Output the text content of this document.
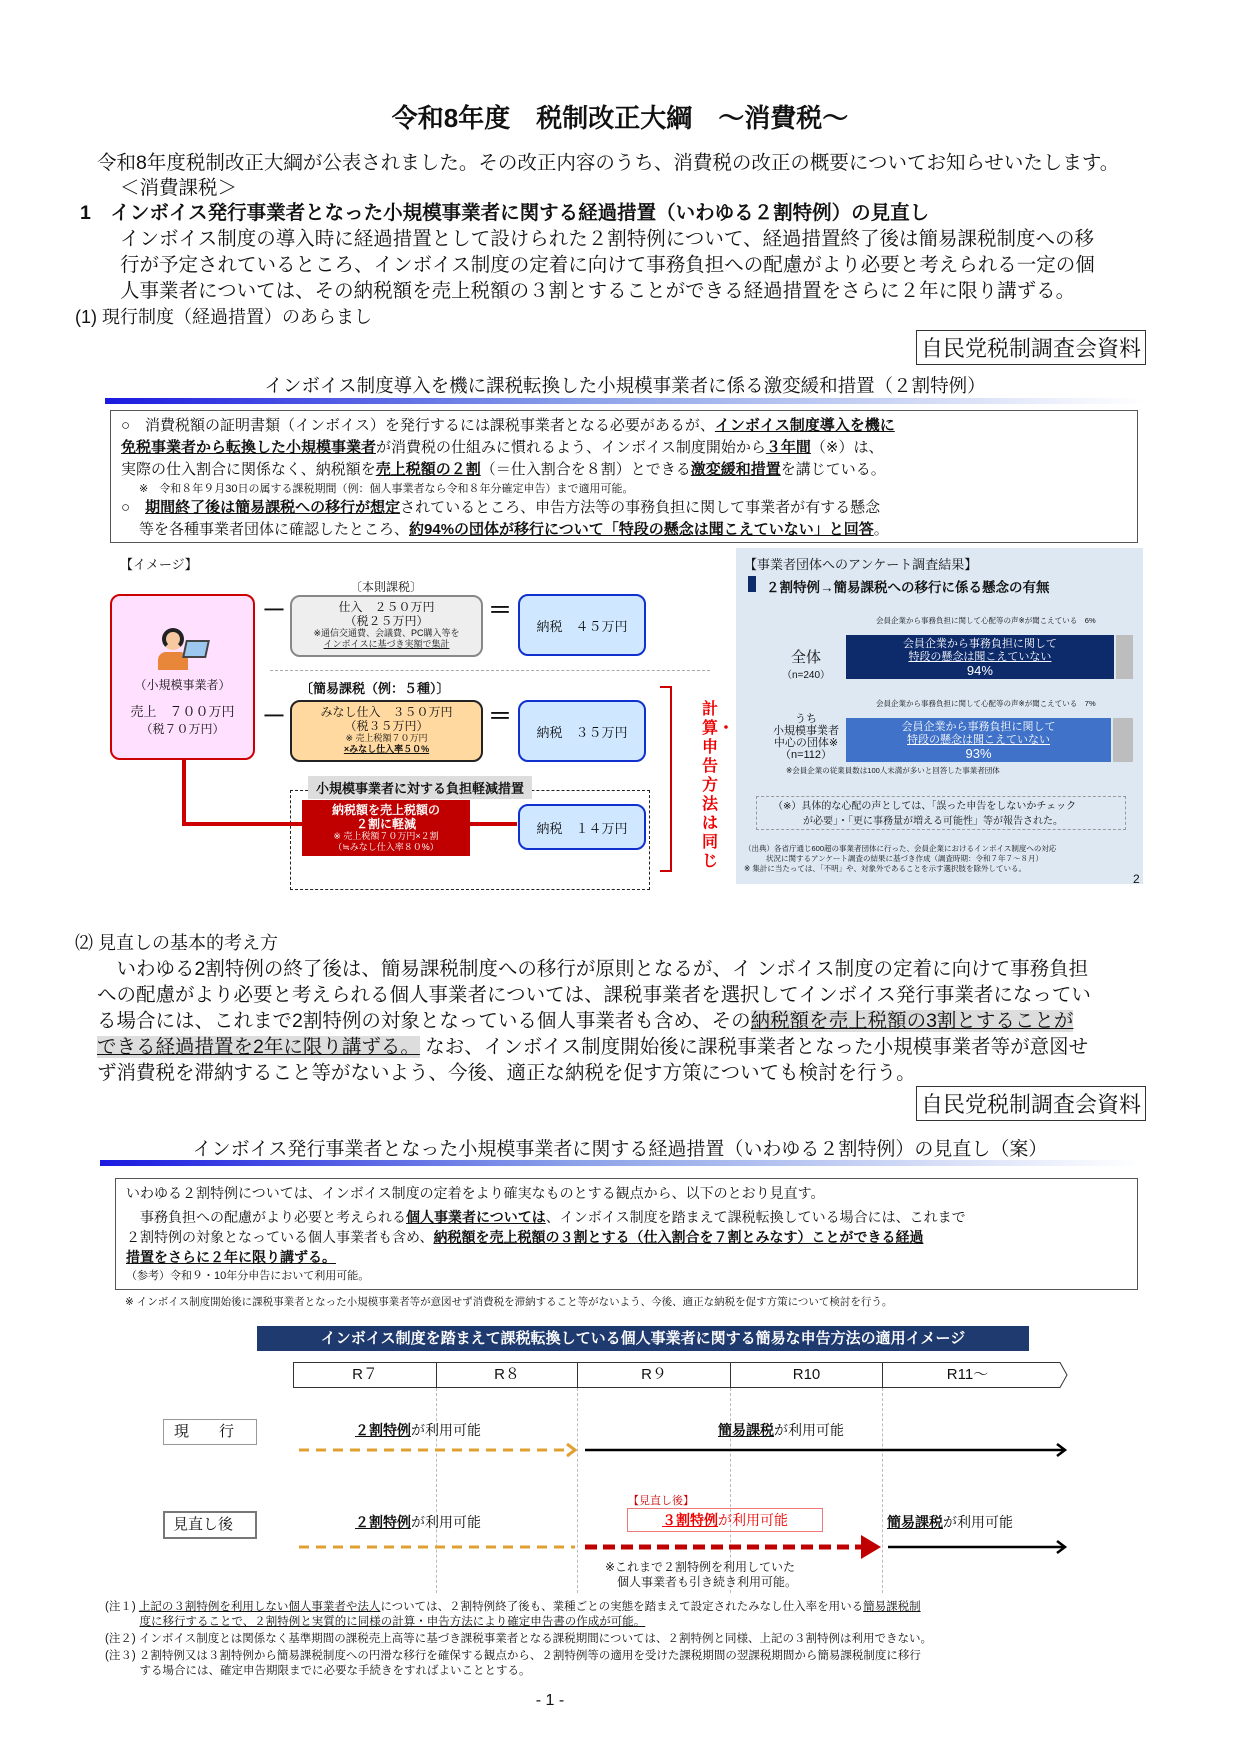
令和8年度　税制改正大綱　～消費税～
令和8年度税制改正大綱が公表されました。その改正内容のうち、消費税の改正の概要についてお知らせいたします。
＜消費課税＞
1　インボイス発行事業者となった小規模事業者に関する経過措置（いわゆる２割特例）の見直し
インボイス制度の導入時に経過措置として設けられた２割特例について、経過措置終了後は簡易課税制度への移
行が予定されているところ、インボイス制度の定着に向けて事務負担への配慮がより必要と考えられる一定の個
人事業者については、その納税額を売上税額の３割とすることができる経過措置をさらに２年に限り講ずる。
(1) 現行制度（経過措置）のあらまし
自民党税制調査会資料
インボイス制度導入を機に課税転換した小規模事業者に係る激変緩和措置（２割特例）
○　消費税額の証明書類（インボイス）を発行するには課税事業者となる必要があるが、インボイス制度導入を機に
免税事業者から転換した小規模事業者が消費税の仕組みに慣れるよう、インボイス制度開始から３年間（※）は、
実際の仕入割合に関係なく、納税額を売上税額の２割（＝仕入割合を８割）とできる激変緩和措置を講じている。
※　令和８年９月30日の属する課税期間（例：個人事業者なら令和８年分確定申告）まで適用可能。
○　期間終了後は簡易課税への移行が想定されているところ、申告方法等の事務負担に関して事業者が有する懸念
等を各種事業者団体に確認したところ、約94%の団体が移行について「特段の懸念は聞こえていない」と回答。
【イメージ】
（小規模事業者）
売上　７００万円
（税７０万円）
－
〔本則課税〕
仕入　２５０万円
（税２５万円）
※通信交通費、会議費、PC購入等を
インボイスに基づき実額で集計
＝
納税　４５万円
〔簡易課税（例：５種）〕
－	みなし仕入　３５０万円
（税３５万円）
※ 売上税額７０万円
×みなし仕入率５０%
＝
納税　３５万円
小規模事業者に対する負担軽減措置
納税額を売上税額の
２割に軽減
※ 売上税額７０万円×２割
（≒みなし仕入率８０%）
納税　１４万円
計算・申告方法は同じ
【事業者団体へのアンケート調査結果】
２割特例→簡易課税への移行に係る懸念の有無
会員企業から事務負担に関して心配等の声※が聞こえている　6%
全体
（n=240）
会員企業から事務負担に関して
特段の懸念は聞こえていない
94%
会員企業から事務負担に関して心配等の声※が聞こえている　7%
うち
小規模事業者
中心の団体※
（n=112）
会員企業から事務負担に関して
特段の懸念は聞こえていない
93%
※会員企業の従業員数は100人未満が多いと回答した事業者団体
（※）具体的な心配の声としては、「誤った申告をしないかチェック
が必要」・「更に事務量が増える可能性」等が報告された。
（出典）各省庁通じ600超の事業者団体に行った、会員企業におけるインボイス制度への対応
状況に関するアンケート調査の結果に基づき作成（調査時期：令和７年７～８月）
※ 集計に当たっては、「不明」や、対象外であることを示す選択肢を除外している。
2
⑵ 見直しの基本的考え方
　いわゆる2割特例の終了後は、簡易課税制度への移行が原則となるが、イ ンボイス制度の定着に向けて事務負担
への配慮がより必要と考えられる個人事業者については、課税事業者を選択してインボイス発行事業者になってい
る場合には、これまで2割特例の対象となっている個人事業者も含め、その納税額を売上税額の3割とすることが
できる経過措置を2年に限り講ずる。 なお、インボイス制度開始後に課税事業者となった小規模事業者等が意図せ
ず消費税を滞納すること等がないよう、今後、適正な納税を促す方策についても検討を行う。
自民党税制調査会資料
インボイス発行事業者となった小規模事業者に関する経過措置（いわゆる２割特例）の見直し（案）
いわゆる２割特例については、インボイス制度の定着をより確実なものとする観点から、以下のとおり見直す。
　事務負担への配慮がより必要と考えられる個人事業者については、インボイス制度を踏まえて課税転換している場合には、これまで
２割特例の対象となっている個人事業者も含め、納税額を売上税額の３割とする（仕入割合を７割とみなす）ことができる経過
措置をさらに２年に限り講ずる。
（参考）令和９・10年分申告において利用可能。
※ インボイス制度開始後に課税事業者となった小規模事業者等が意図せず消費税を滞納すること等がないよう、今後、適正な納税を促す方策について検討を行う。
インボイス制度を踏まえて課税転換している個人事業者に関する簡易な申告方法の適用イメージ
R７	R８	R９	R10	R11～
現　　行	２割特例が利用可能	簡易課税が利用可能
見直し後
【見直し後】
２割特例が利用可能	３割特例が利用可能	簡易課税が利用可能
※これまで２割特例を利用していた
個人事業者も引き続き利用可能。
(注１) 上記の３割特例を利用しない個人事業者や法人については、２割特例終了後も、業種ごとの実態を踏まえて設定されたみなし仕入率を用いる簡易課税制
　　　度に移行することで、２割特例と実質的に同様の計算・申告方法により確定申告書の作成が可能。
(注２) インボイス制度とは関係なく基準期間の課税売上高等に基づき課税事業者となる課税期間については、２割特例と同様、上記の３割特例は利用できない。
(注３) ２割特例又は３割特例から簡易課税制度への円滑な移行を確保する観点から、２割特例等の適用を受けた課税期間の翌課税期間から簡易課税制度に移行
　　　する場合には、確定申告期限までに必要な手続きをすればよいこととする。
- 1 -
